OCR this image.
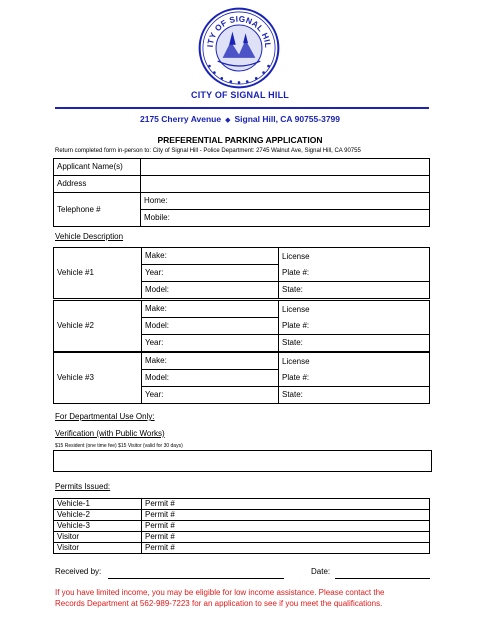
ITY OF SIGNAL HIL
CITY OF SIGNAL HILL
2175 Cherry Avenue ◆ Signal Hill, CA 90755-3799
PREFERENTIAL PARKING APPLICATION
Return completed form in-person to: City of Signal Hill - Police Department: 2745 Walnut Ave, Signal Hill, CA 90755
Applicant Name(s)	
Address	
Telephone #	Home:
	Mobile:
Vehicle Description
Vehicle #1	Make:	License
Plate #:
	Year:	
	Model:	State:
Vehicle #2	Make:	License
Plate #:
	Model:	
	Year:	State:
Vehicle #3	Make:	License
Plate #:
	Model:	
	Year:	State:
For Departmental Use Only:
Verification (with Public Works)
$15 Resident (one time fee) $15 Visitor (valid for 30 days)
Permits Issued:
Vehicle-1	Permit #
Vehicle-2	Permit #
Vehicle-3	Permit #
Visitor	Permit #
Visitor	Permit #
Received by:	Date:
If you have limited income, you may be eligible for low income assistance. Please contact the Records Department at 562-989-7223 for an application to see if you meet the qualifications.
